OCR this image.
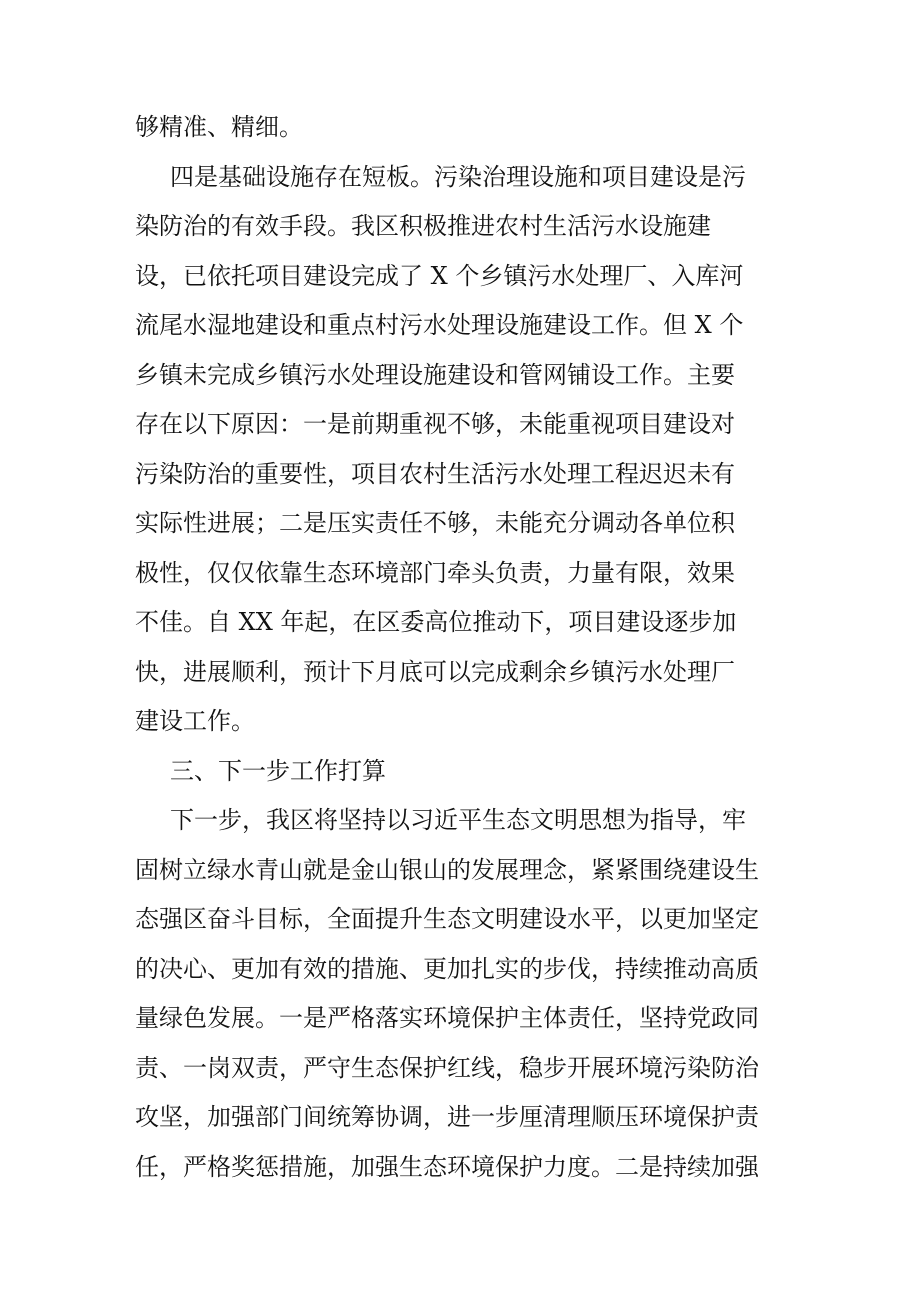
够精准、精细。
四是基础设施存在短板。污染治理设施和项目建设是污
染防治的有效手段。我区积极推进农村生活污水设施建
设，已依托项目建设完成了 X 个乡镇污水处理厂、入库河
流尾水湿地建设和重点村污水处理设施建设工作。但 X 个
乡镇未完成乡镇污水处理设施建设和管网铺设工作。主要
存在以下原因：一是前期重视不够，未能重视项目建设对
污染防治的重要性，项目农村生活污水处理工程迟迟未有
实际性进展；二是压实责任不够，未能充分调动各单位积
极性，仅仅依靠生态环境部门牵头负责，力量有限，效果
不佳。自 XX 年起，在区委高位推动下，项目建设逐步加
快，进展顺利，预计下月底可以完成剩余乡镇污水处理厂
建设工作。
三、下一步工作打算
下一步，我区将坚持以习近平生态文明思想为指导，牢
固树立绿水青山就是金山银山的发展理念，紧紧围绕建设生
态强区奋斗目标，全面提升生态文明建设水平，以更加坚定
的决心、更加有效的措施、更加扎实的步伐，持续推动高质
量绿色发展。一是严格落实环境保护主体责任，坚持党政同
责、一岗双责，严守生态保护红线，稳步开展环境污染防治
攻坚，加强部门间统筹协调，进一步厘清理顺压环境保护责
任，严格奖惩措施，加强生态环境保护力度。二是持续加强
